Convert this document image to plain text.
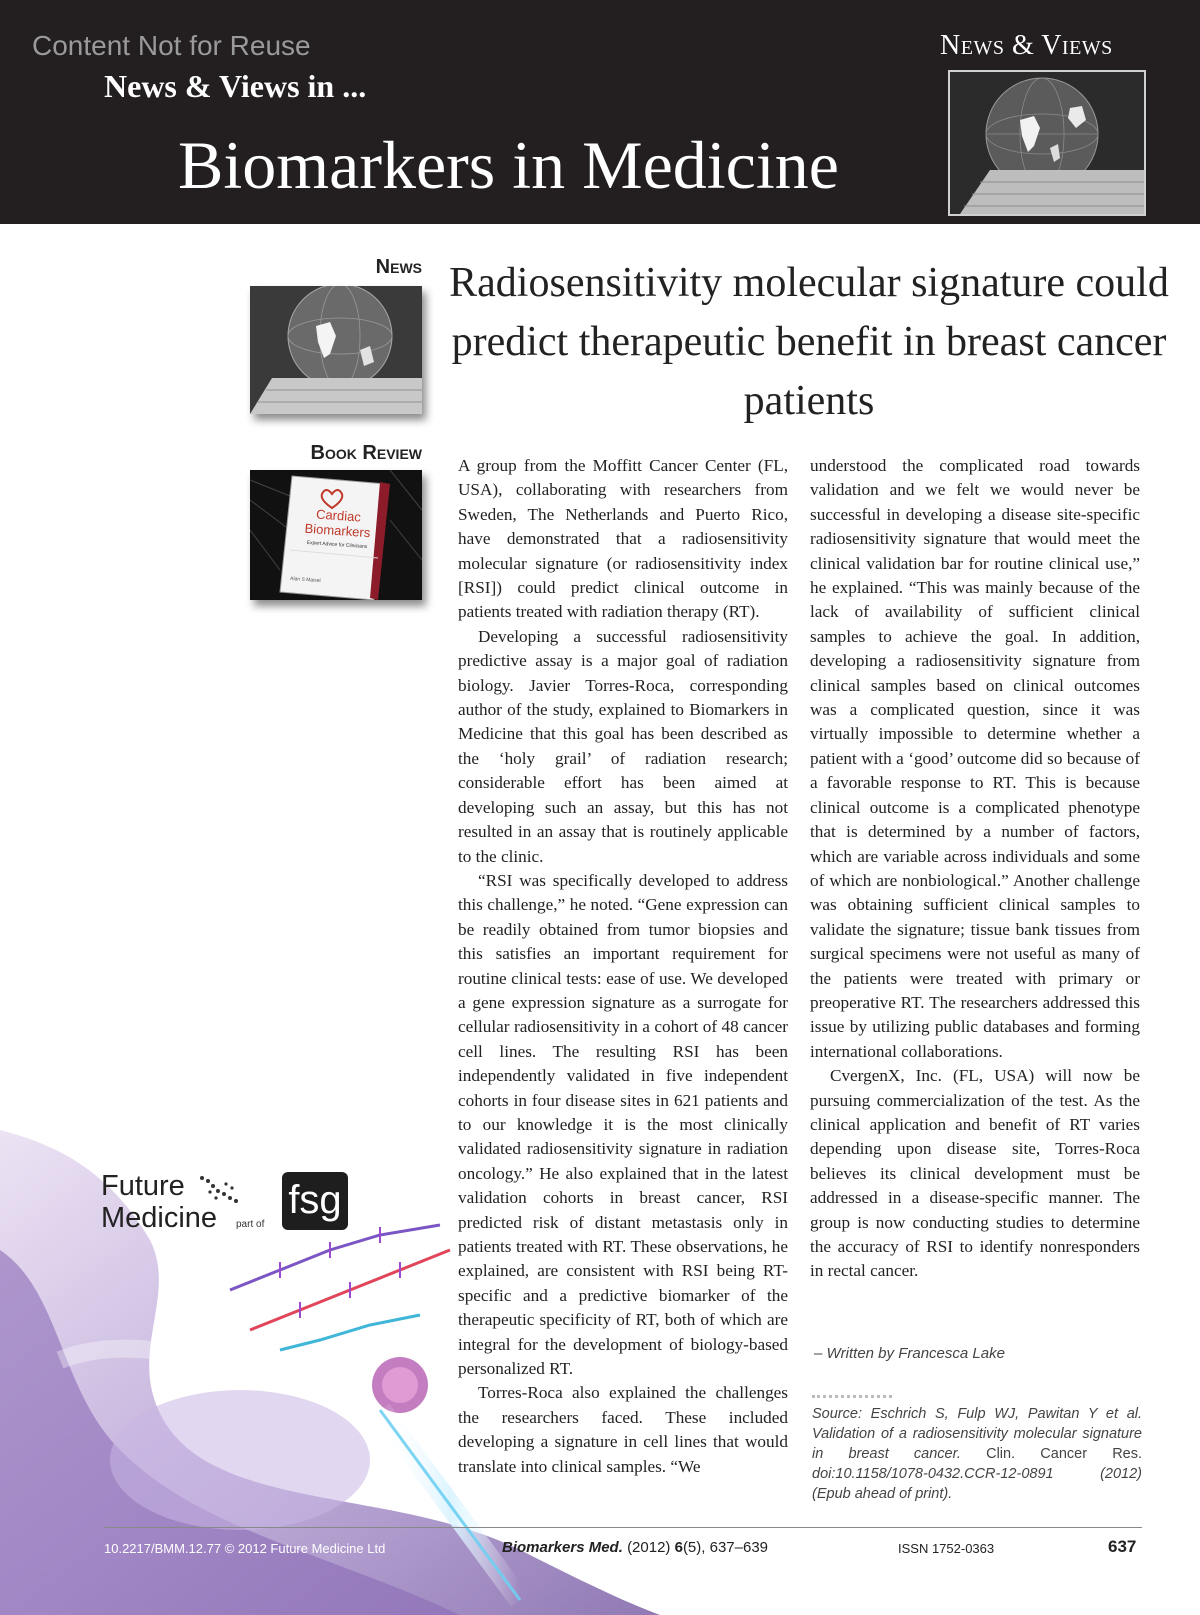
Content Not for Reuse
News & Views in ...
Biomarkers in Medicine
News & Views
News
Book Review
Cardiac Biomarkers
Expert Advice for Clinicians
Alan S Maisel
Radiosensitivity molecular signature could predict therapeutic benefit in breast cancer patients

A group from the Moffitt Cancer Center (FL, USA), collaborating with researchers from Sweden, The Netherlands and Puerto Rico, have demonstrated that a radiosensitivity molecular signature (or radiosensitivity index [RSI]) could predict clinical outcome in patients treated with radiation therapy (RT).

Developing a successful radiosensitivity predictive assay is a major goal of radiation biology. Javier Torres-Roca, corresponding author of the study, explained to Biomarkers in Medicine that this goal has been described as the ‘holy grail’ of radiation research; considerable effort has been aimed at developing such an assay, but this has not resulted in an assay that is routinely applicable to the clinic.

“RSI was specifically developed to address this challenge,” he noted. “Gene expression can be readily obtained from tumor biopsies and this satisfies an important requirement for routine clinical tests: ease of use. We developed a gene expression signature as a surrogate for cellular radiosensitivity in a cohort of 48 cancer cell lines. The resulting RSI has been independently validated in five independent cohorts in four disease sites in 621 patients and to our knowledge it is the most clinically validated radiosensitivity signature in radiation oncology.” He also explained that in the latest validation cohorts in breast cancer, RSI predicted risk of distant metastasis only in patients treated with RT. These observations, he explained, are consistent with RSI being RT-specific and a predictive biomarker of the therapeutic specificity of RT, both of which are integral for the development of biology-based personalized RT.

Torres-Roca also explained the challenges the researchers faced. These included developing a signature in cell lines that would translate into clinical samples. “We

understood the complicated road towards validation and we felt we would never be successful in developing a disease site-specific radiosensitivity signature that would meet the clinical validation bar for routine clinical use,” he explained. “This was mainly because of the lack of availability of sufficient clinical samples to achieve the goal. In addition, developing a radiosensitivity signature from clinical samples based on clinical outcomes was a complicated question, since it was virtually impossible to determine whether a patient with a ‘good’ outcome did so because of a favorable response to RT. This is because clinical outcome is a complicated phenotype that is determined by a number of factors, which are variable across individuals and some of which are nonbiological.” Another challenge was obtaining sufficient clinical samples to validate the signature; tissue bank tissues from surgical specimens were not useful as many of the patients were treated with primary or preoperative RT. The researchers addressed this issue by utilizing public databases and forming international collaborations.

CvergenX, Inc. (FL, USA) will now be pursuing commercialization of the test. As the clinical application and benefit of RT varies depending upon disease site, Torres-Roca believes its clinical development must be addressed in a disease-specific manner. The group is now conducting studies to determine the accuracy of RSI to identify nonresponders in rectal cancer.

– Written by Francesca Lake
Source: Eschrich S, Fulp WJ, Pawitan Y et al. Validation of a radiosensitivity molecular signature in breast cancer. Clin. Cancer Res. doi:10.1158/1078-0432.CCR-12-0891 (2012) (Epub ahead of print).
Future
Medicine part of
fsg
10.2217/BMM.12.77 © 2012 Future Medicine Ltd	Biomarkers Med. (2012) 6(5), 637–639	ISSN 1752-0363	637
